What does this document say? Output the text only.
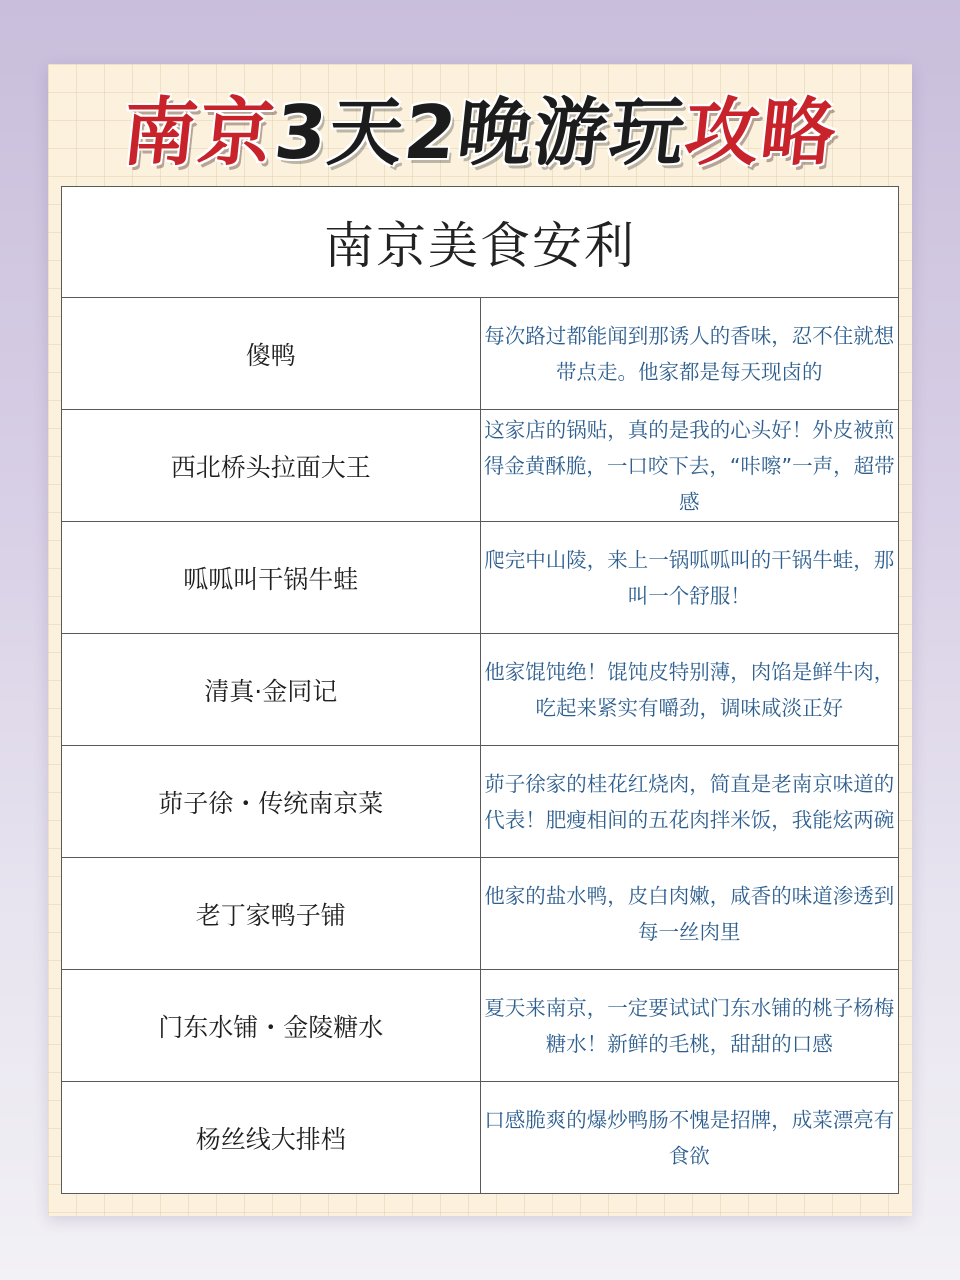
南京3天2晚游玩攻略
南京美食安利	
傻鸭	每次路过都能闻到那诱人的香味，忍不住就想带点走。他家都是每天现卤的
西北桥头拉面大王	这家店的锅贴，真的是我的心头好！外皮被煎得金黄酥脆，一口咬下去，“咔嚓”一声，超带感
呱呱叫干锅牛蛙	爬完中山陵，来上一锅呱呱叫的干锅牛蛙，那叫一个舒服！
清真·金同记	他家馄饨绝！馄饨皮特别薄，肉馅是鲜牛肉，吃起来紧实有嚼劲，调味咸淡正好
茆子徐・传统南京菜	茆子徐家的桂花红烧肉，简直是老南京味道的代表！肥瘦相间的五花肉拌米饭，我能炫两碗
老丁家鸭子铺	他家的盐水鸭，皮白肉嫩，咸香的味道渗透到每一丝肉里
门东水铺・金陵糖水	夏天来南京，一定要试试门东水铺的桃子杨梅糖水！新鲜的毛桃，甜甜的口感
杨丝线大排档	口感脆爽的爆炒鸭肠不愧是招牌，成菜漂亮有食欲
